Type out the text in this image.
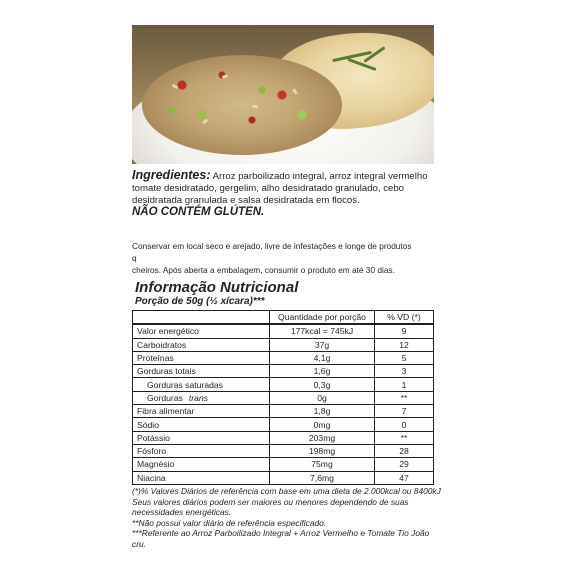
Ingredientes: Arroz parboilizado integral, arroz integral vermelho
tomate desidratado, gergelim, alho desidratado granulado, cebo
desidratada granulada e salsa desidratada em flocos.
NÃO CONTÉM GLÚTEN.
Conservar em local seco e arejado, livre de infestações e longe de produtos q
cheiros. Após aberta a embalagem, consumir o produto em até 30 dias.
Informação Nutricional
Porção de 50g (½ xícara)***
	Quantidade por porção	% VD (*)
Valor energético	177kcal = 745kJ	9
Carboidratos	37g	12
Proteínas	4,1g	5
Gorduras totais	1,6g	3
Gorduras saturadas	0,3g	1
Gorduras trans	0g	**
Fibra alimentar	1,8g	7
Sódio	0mg	0
Potássio	203mg	**
Fósforo	198mg	28
Magnésio	75mg	29
Niacina	7,6mg	47
(*)% Valores Diários de referência com base em uma dieta de 2.000kcal ou 8400kJ
Seus valores diários podem ser maiores ou menores dependendo de suas
necessidades energéticas.
**Não possui valor diário de referência especificado.
***Referente ao Arroz Parboilizado Integral + Arroz Vermelho e Tomate Tio João cru.
